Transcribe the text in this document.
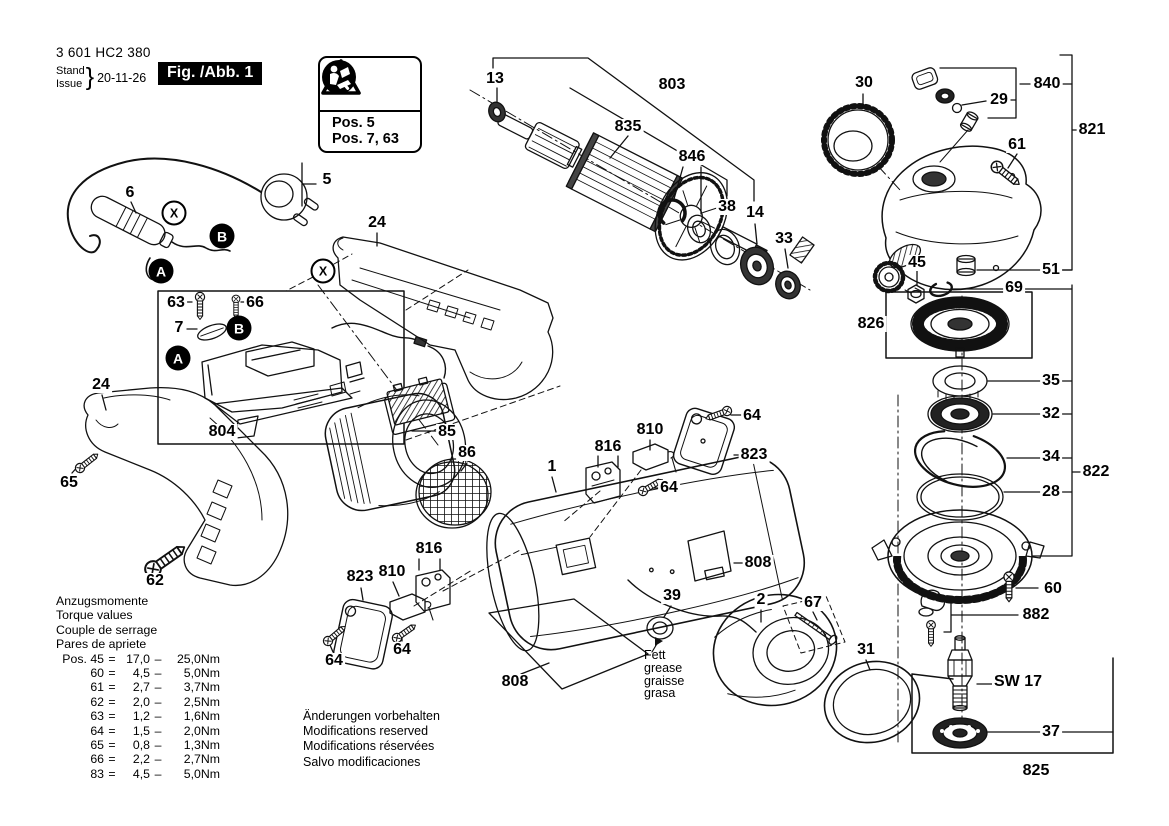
3 601 HC2 380
Stand
Issue } 20-11-26	Fig. /Abb. 1
Pos. 5
Pos. 7, 63
Anzugsmomente
Torque values
Couple de serrage
Pares de apriete
Pos. 45 = 17,0 – 25,0Nm
60 = 4,5 – 5,0Nm
61 = 2,7 – 3,7Nm
62 = 2,0 – 2,5Nm
63 = 1,2 – 1,6Nm
64 = 1,5 – 2,0Nm
65 = 0,8 – 1,3Nm
66 = 2,2 – 2,7Nm
83 = 4,5 – 5,0Nm
Änderungen vorbehalten
Modifications reserved
Modifications réservées
Salvo modificaciones
Fett
grease
graisse
grasa
13
835
803
846
38 14
33
30
29
840
821
61
51
69
45
826
35
32
34
28
822
60
882
SW 17
37
825
5
6
63	66
7
804
24
24
65
62
85
86
1
816
810
64
823
64
823 810
816
64
64
808
808
2 67
31
39
X
X
B
A
B
A
